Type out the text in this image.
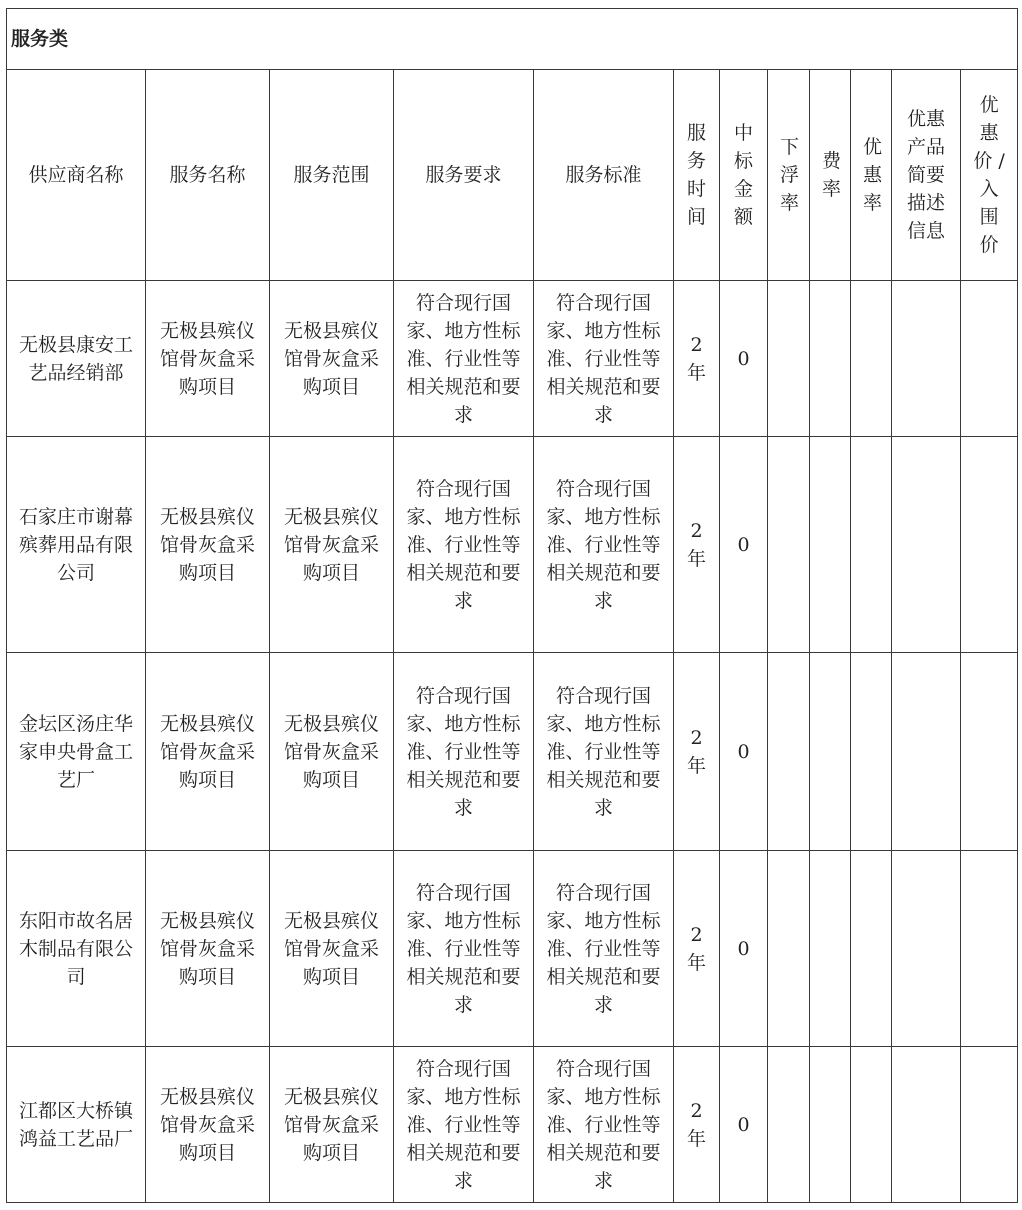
服务类											
供应商名称	服务名称	服务范围	服务要求	服务标准	服务时间	中标金额	下浮率	费率	优惠率	优惠产品简要描述信息	优惠价 / 入围价
无极县康安工艺品经销部	无极县殡仪馆骨灰盒采购项目	无极县殡仪馆骨灰盒采购项目	符合现行国家、地方性标准、行业性等相关规范和要求	符合现行国家、地方性标准、行业性等相关规范和要求	2年	0					
石家庄市谢幕殡葬用品有限公司	无极县殡仪馆骨灰盒采购项目	无极县殡仪馆骨灰盒采购项目	符合现行国家、地方性标准、行业性等相关规范和要求	符合现行国家、地方性标准、行业性等相关规范和要求	2年	0					
金坛区汤庄华家申央骨盒工艺厂	无极县殡仪馆骨灰盒采购项目	无极县殡仪馆骨灰盒采购项目	符合现行国家、地方性标准、行业性等相关规范和要求	符合现行国家、地方性标准、行业性等相关规范和要求	2年	0					
东阳市故名居木制品有限公司	无极县殡仪馆骨灰盒采购项目	无极县殡仪馆骨灰盒采购项目	符合现行国家、地方性标准、行业性等相关规范和要求	符合现行国家、地方性标准、行业性等相关规范和要求	2年	0					
江都区大桥镇鸿益工艺品厂	无极县殡仪馆骨灰盒采购项目	无极县殡仪馆骨灰盒采购项目	符合现行国家、地方性标准、行业性等相关规范和要求	符合现行国家、地方性标准、行业性等相关规范和要求	2年	0					
